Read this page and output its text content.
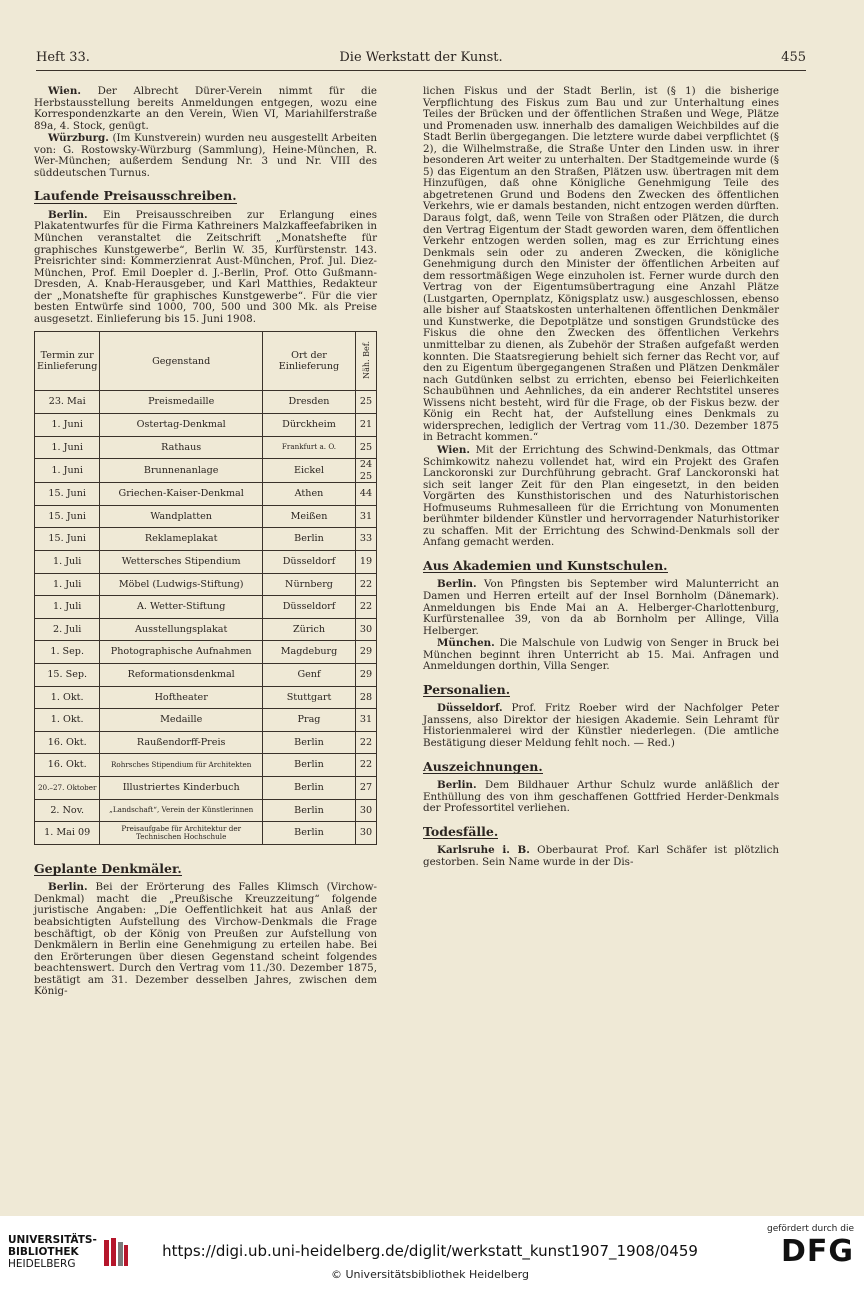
Heft 33.	Die Werkstatt der Kunst.	455

Wien. Der Albrecht Dürer-Verein nimmt für die Herbstausstellung bereits Anmeldungen entgegen, wozu eine Korrespondenzkarte an den Verein, Wien VI, Mariahilferstraße 89a, 4. Stock, genügt.

Würzburg. (Im Kunstverein) wurden neu ausgestellt Arbeiten von: G. Rostowsky-Würzburg (Sammlung), Heine-München, R. Wer-München; außerdem Sendung Nr. 3 und Nr. VIII des süddeutschen Turnus.

Laufende Preisausschreiben.

Berlin. Ein Preisausschreiben zur Erlangung eines Plakatentwurfes für die Firma Kathreiners Malzkaffeefabriken in München veranstaltet die Zeitschrift „Monatshefte für graphisches Kunstgewerbe“, Berlin W. 35, Kurfürstenstr. 143. Preisrichter sind: Kommerzienrat Aust-München, Prof. Jul. Diez-München, Prof. Emil Doepler d. J.-Berlin, Prof. Otto Gußmann-Dresden, A. Knab-Herausgeber, und Karl Matthies, Redakteur der „Monatshefte für graphisches Kunstgewerbe“. Für die vier besten Entwürfe sind 1000, 700, 500 und 300 Mk. als Preise ausgesetzt. Einlieferung bis 15. Juni 1908.

Termin zur Einlieferung	Gegenstand	Ort der Einlieferung	Näh. Bef.
23. Mai	Preismedaille	Dresden	25
1. Juni	Ostertag-Denkmal	Dürckheim	21
1. Juni	Rathaus	Frankfurt a. O.	25
1. Juni	Brunnenanlage	Eickel	24 25
15. Juni	Griechen-Kaiser-Denkmal	Athen	44
15. Juni	Wandplatten	Meißen	31
15. Juni	Reklameplakat	Berlin	33
1. Juli	Wettersches Stipendium	Düsseldorf	19
1. Juli	Möbel (Ludwigs-Stiftung)	Nürnberg	22
1. Juli	A. Wetter-Stiftung	Düsseldorf	22
2. Juli	Ausstellungsplakat	Zürich	30
1. Sep.	Photographische Aufnahmen	Magdeburg	29
15. Sep.	Reformationsdenkmal	Genf	29
1. Okt.	Hoftheater	Stuttgart	28
1. Okt.	Medaille	Prag	31
16. Okt.	Raußendorff-Preis	Berlin	22
16. Okt.	Rohrsches Stipendium für Architekten	Berlin	22
20.–27. Oktober	Illustriertes Kinderbuch	Berlin	27
2. Nov.	„Landschaft“, Verein der Künstlerinnen	Berlin	30
1. Mai 09	Preisaufgabe für Architektur der Technischen Hochschule	Berlin	30
Geplante Denkmäler.

Berlin. Bei der Erörterung des Falles Klimsch (Virchow-Denkmal) macht die „Preußische Kreuzzeitung“ folgende juristische Angaben: „Die Oeffentlichkeit hat aus Anlaß der beabsichtigten Aufstellung des Virchow-Denkmals die Frage beschäftigt, ob der König von Preußen zur Aufstellung von Denkmälern in Berlin eine Genehmigung zu erteilen habe. Bei den Erörterungen über diesen Gegenstand scheint folgendes beachtenswert. Durch den Vertrag vom 11./30. Dezember 1875, bestätigt am 31. Dezember desselben Jahres, zwischen dem König-

lichen Fiskus und der Stadt Berlin, ist (§ 1) die bisherige Verpflichtung des Fiskus zum Bau und zur Unterhaltung eines Teiles der Brücken und der öffentlichen Straßen und Wege, Plätze und Promenaden usw. innerhalb des damaligen Weichbildes auf die Stadt Berlin übergegangen. Die letztere wurde dabei verpflichtet (§ 2), die Wilhelmstraße, die Straße Unter den Linden usw. in ihrer besonderen Art weiter zu unterhalten. Der Stadtgemeinde wurde (§ 5) das Eigentum an den Straßen, Plätzen usw. übertragen mit dem Hinzufügen, daß ohne Königliche Genehmigung Teile des abgetretenen Grund und Bodens den Zwecken des öffentlichen Verkehrs, wie er damals bestanden, nicht entzogen werden dürften. Daraus folgt, daß, wenn Teile von Straßen oder Plätzen, die durch den Vertrag Eigentum der Stadt geworden waren, dem öffentlichen Verkehr entzogen werden sollen, mag es zur Errichtung eines Denkmals sein oder zu anderen Zwecken, die königliche Genehmigung durch den Minister der öffentlichen Arbeiten auf dem ressortmäßigen Wege einzuholen ist. Ferner wurde durch den Vertrag von der Eigentumsübertragung eine Anzahl Plätze (Lustgarten, Opernplatz, Königsplatz usw.) ausgeschlossen, ebenso alle bisher auf Staatskosten unterhaltenen öffentlichen Denkmäler und Kunstwerke, die Depotplätze und sonstigen Grundstücke des Fiskus die ohne den Zwecken des öffentlichen Verkehrs unmittelbar zu dienen, als Zubehör der Straßen aufgefaßt werden konnten. Die Staatsregierung behielt sich ferner das Recht vor, auf den zu Eigentum übergegangenen Straßen und Plätzen Denkmäler nach Gutdünken selbst zu errichten, ebenso bei Feierlichkeiten Schaubühnen und Aehnliches, da ein anderer Rechtstitel unseres Wissens nicht besteht, wird für die Frage, ob der Fiskus bezw. der König ein Recht hat, der Aufstellung eines Denkmals zu widersprechen, lediglich der Vertrag vom 11./30. Dezember 1875 in Betracht kommen.“

Wien. Mit der Errichtung des Schwind-Denkmals, das Ottmar Schimkowitz nahezu vollendet hat, wird ein Projekt des Grafen Lanckoronski zur Durchführung gebracht. Graf Lanckoronski hat sich seit langer Zeit für den Plan eingesetzt, in den beiden Vorgärten des Kunsthistorischen und des Naturhistorischen Hofmuseums Ruhmesalleen für die Errichtung von Monumenten berühmter bildender Künstler und hervorragender Naturhistoriker zu schaffen. Mit der Errichtung des Schwind-Denkmals soll der Anfang gemacht werden.

Aus Akademien und Kunstschulen.

Berlin. Von Pfingsten bis September wird Malunterricht an Damen und Herren erteilt auf der Insel Bornholm (Dänemark). Anmeldungen bis Ende Mai an A. Helberger-Charlottenburg, Kurfürstenallee 39, von da ab Bornholm per Allinge, Villa Helberger.

München. Die Malschule von Ludwig von Senger in Bruck bei München beginnt ihren Unterricht ab 15. Mai. Anfragen und Anmeldungen dorthin, Villa Senger.

Personalien.

Düsseldorf. Prof. Fritz Roeber wird der Nachfolger Peter Janssens, also Direktor der hiesigen Akademie. Sein Lehramt für Historienmalerei wird der Künstler niederlegen. (Die amtliche Bestätigung dieser Meldung fehlt noch. — Red.)

Auszeichnungen.

Berlin. Dem Bildhauer Arthur Schulz wurde anläßlich der Enthüllung des von ihm geschaffenen Gottfried Herder-Denkmals der Professortitel verliehen.

Todesfälle.

Karlsruhe i. B. Oberbaurat Prof. Karl Schäfer ist plötzlich gestorben. Sein Name wurde in der Dis-

UNIVERSITÄTS-
BIBLIOTHEK
HEIDELBERG
https://digi.ub.uni-heidelberg.de/diglit/werkstatt_kunst1907_1908/0459
© Universitätsbibliothek Heidelberg
gefördert durch die
DFG
